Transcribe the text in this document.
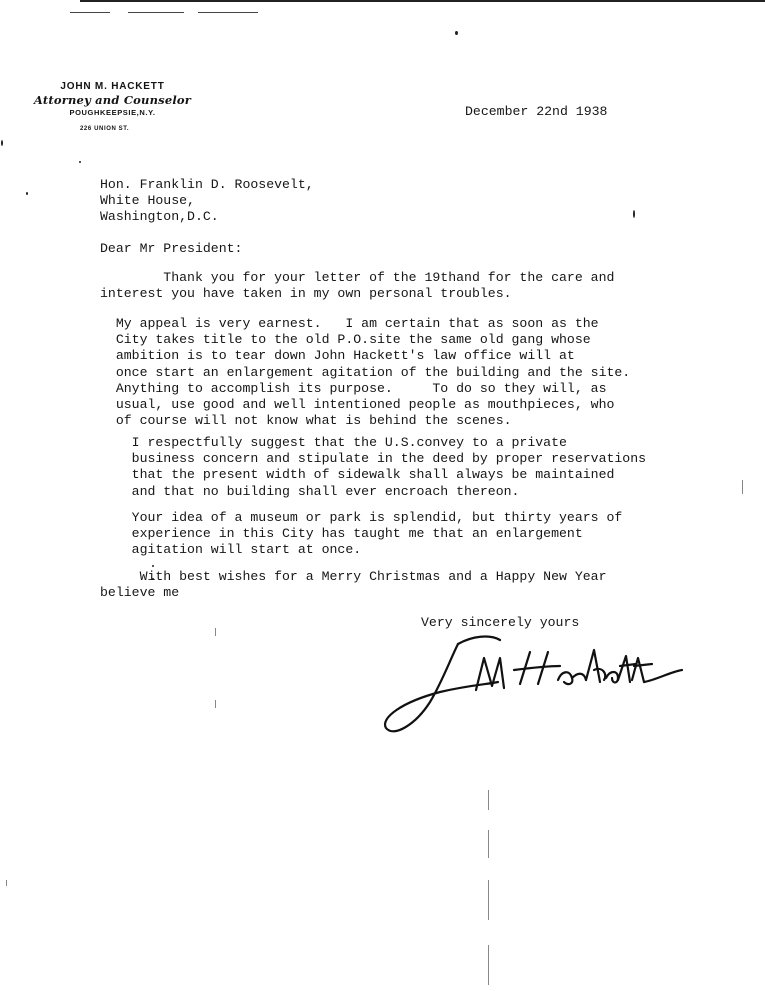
JOHN M. HACKETT
Attorney and Counselor
POUGHKEEPSIE,N.Y.
226 UNION ST.
December 22nd 1938
Hon. Franklin D. Roosevelt,
White House,
Washington,D.C.
Dear Mr President:
Thank you for your letter of the 19thand for the care and
interest you have taken in my own personal troubles.
My appeal is very earnest.   I am certain that as soon as the
City takes title to the old P.O.site the same old gang whose
ambition is to tear down John Hackett's law office will at
once start an enlargement agitation of the building and the site.
Anything to accomplish its purpose.     To do so they will, as
usual, use good and well intentioned people as mouthpieces, who
of course will not know what is behind the scenes.
I respectfully suggest that the U.S.convey to a private
business concern and stipulate in the deed by proper reservations
that the present width of sidewalk shall always be maintained
and that no building shall ever encroach thereon.
Your idea of a museum or park is splendid, but thirty years of
experience in this City has taught me that an enlargement
agitation will start at once.
With best wishes for a Merry Christmas and a Happy New Year
believe me
Very sincerely yours
